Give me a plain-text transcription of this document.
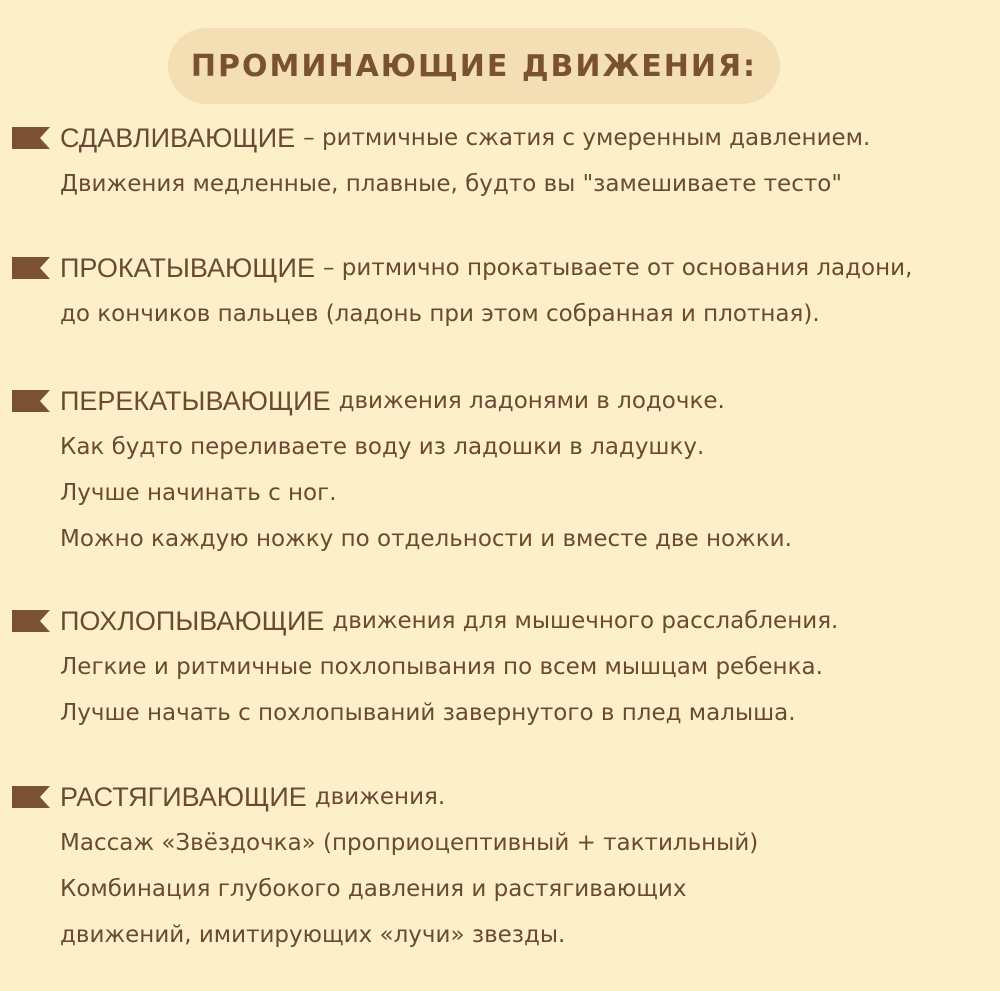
ПРОМИНАЮЩИЕ ДВИЖЕНИЯ:
СДАВЛИВАЮЩИЕ – ритмичные сжатия с умеренным давлением.
Движения медленные, плавные, будто вы "замешиваете тесто"
ПРОКАТЫВАЮЩИЕ – ритмично прокатываете от основания ладони,
до кончиков пальцев (ладонь при этом собранная и плотная).
ПЕРЕКАТЫВАЮЩИЕ движения ладонями в лодочке.
Как будто переливаете воду из ладошки в ладушку.
Лучше начинать с ног.
Можно каждую ножку по отдельности и вместе две ножки.
ПОХЛОПЫВАЮЩИЕ движения для мышечного расслабления.
Легкие и ритмичные похлопывания по всем мышцам ребенка.
Лучше начать с похлопываний завернутого в плед малыша.
РАСТЯГИВАЮЩИЕ движения.
Массаж «Звёздочка» (проприоцептивный + тактильный)
Комбинация глубокого давления и растягивающих
движений, имитирующих «лучи» звезды.
